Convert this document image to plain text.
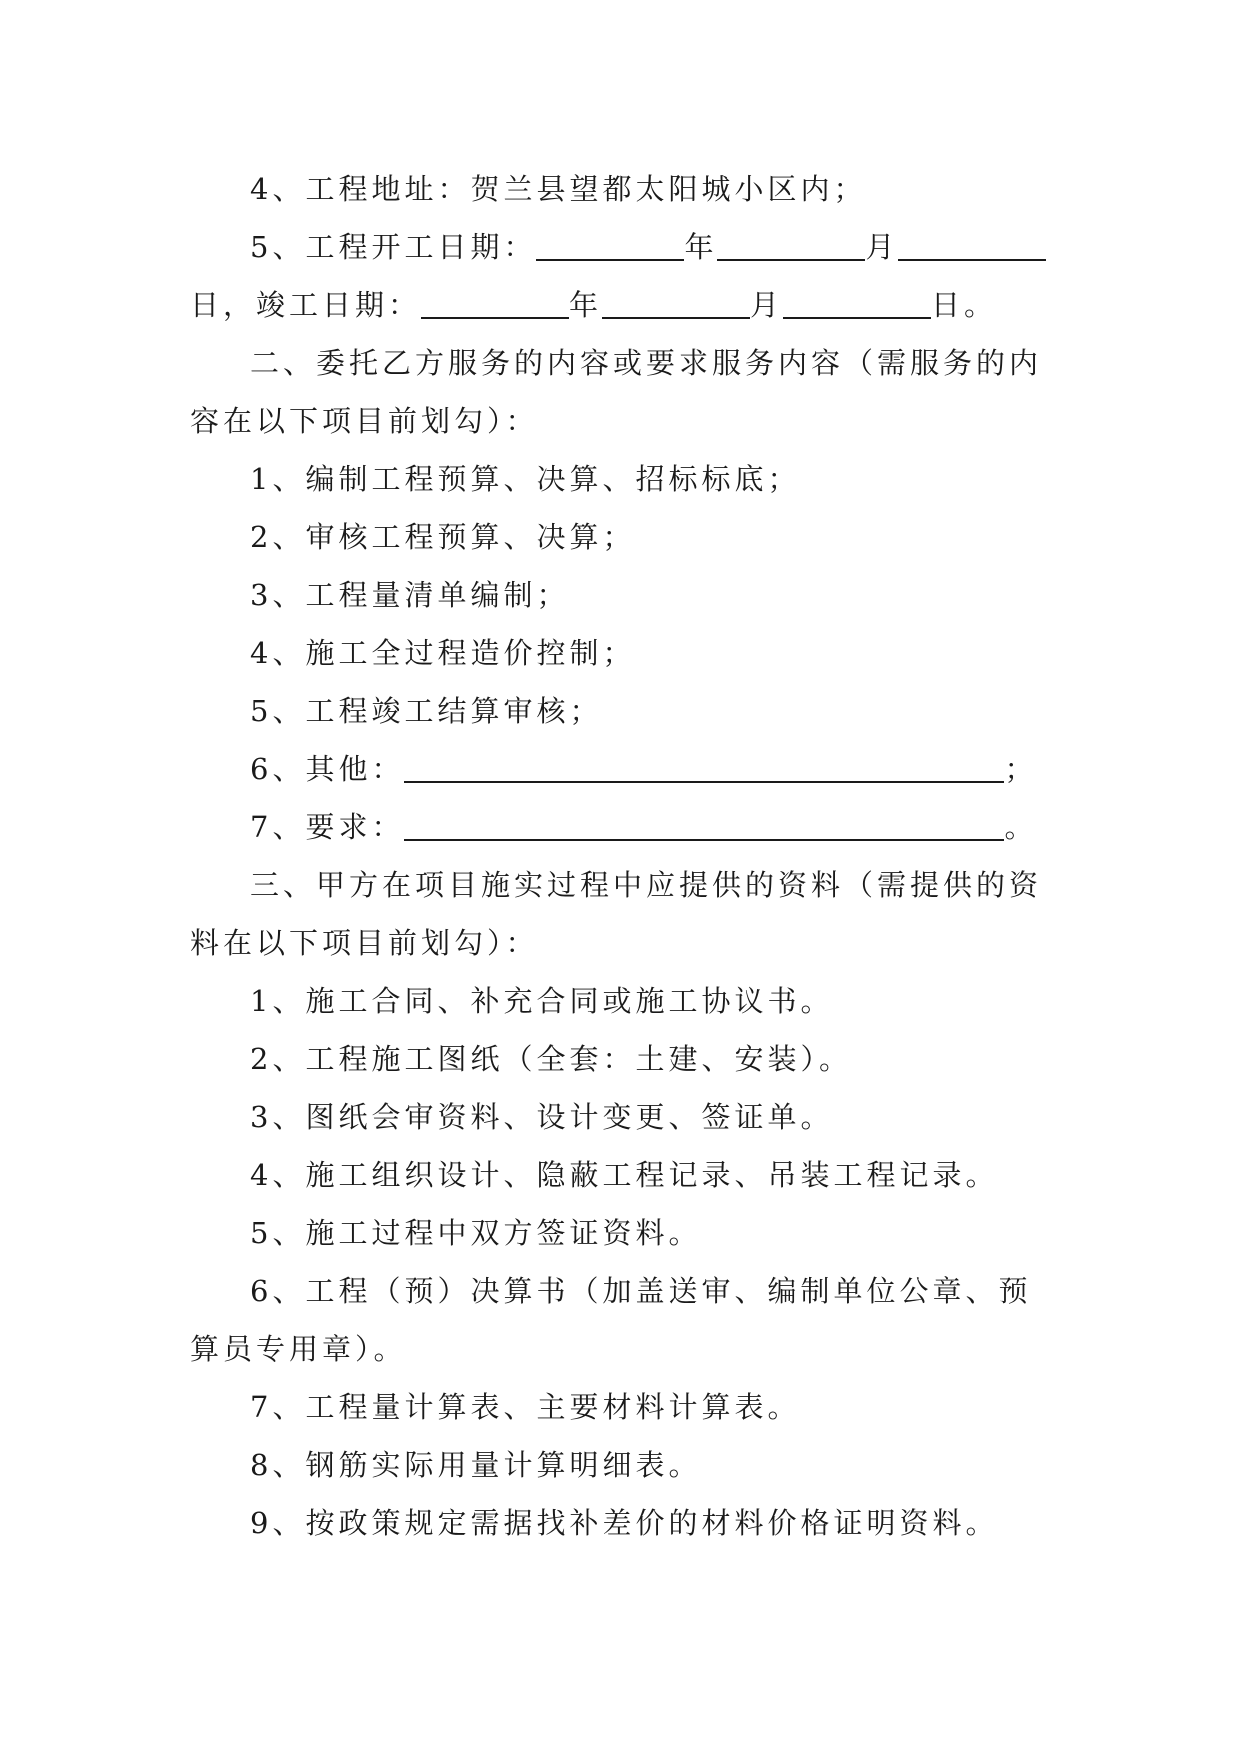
4、工程地址：贺兰县望都太阳城小区内；

5、工程开工日期：	年	月日，竣工日期：	年	月	日。

二、委托乙方服务的内容或要求服务内容（需服务的内容在以下项目前划勾）：

1、编制工程预算、决算、招标标底；

2、审核工程预算、决算；

3、工程量清单编制；

4、施工全过程造价控制；

5、工程竣工结算审核；

6、其他：	；

7、要求：	。

三、甲方在项目施实过程中应提供的资料（需提供的资料在以下项目前划勾）：

1、施工合同、补充合同或施工协议书。

2、工程施工图纸（全套：土建、安装）。

3、图纸会审资料、设计变更、签证单。

4、施工组织设计、隐蔽工程记录、吊装工程记录。

5、施工过程中双方签证资料。

6、工程（预）决算书（加盖送审、编制单位公章、预算员专用章）。

7、工程量计算表、主要材料计算表。

8、钢筋实际用量计算明细表。

9、按政策规定需据找补差价的材料价格证明资料。
